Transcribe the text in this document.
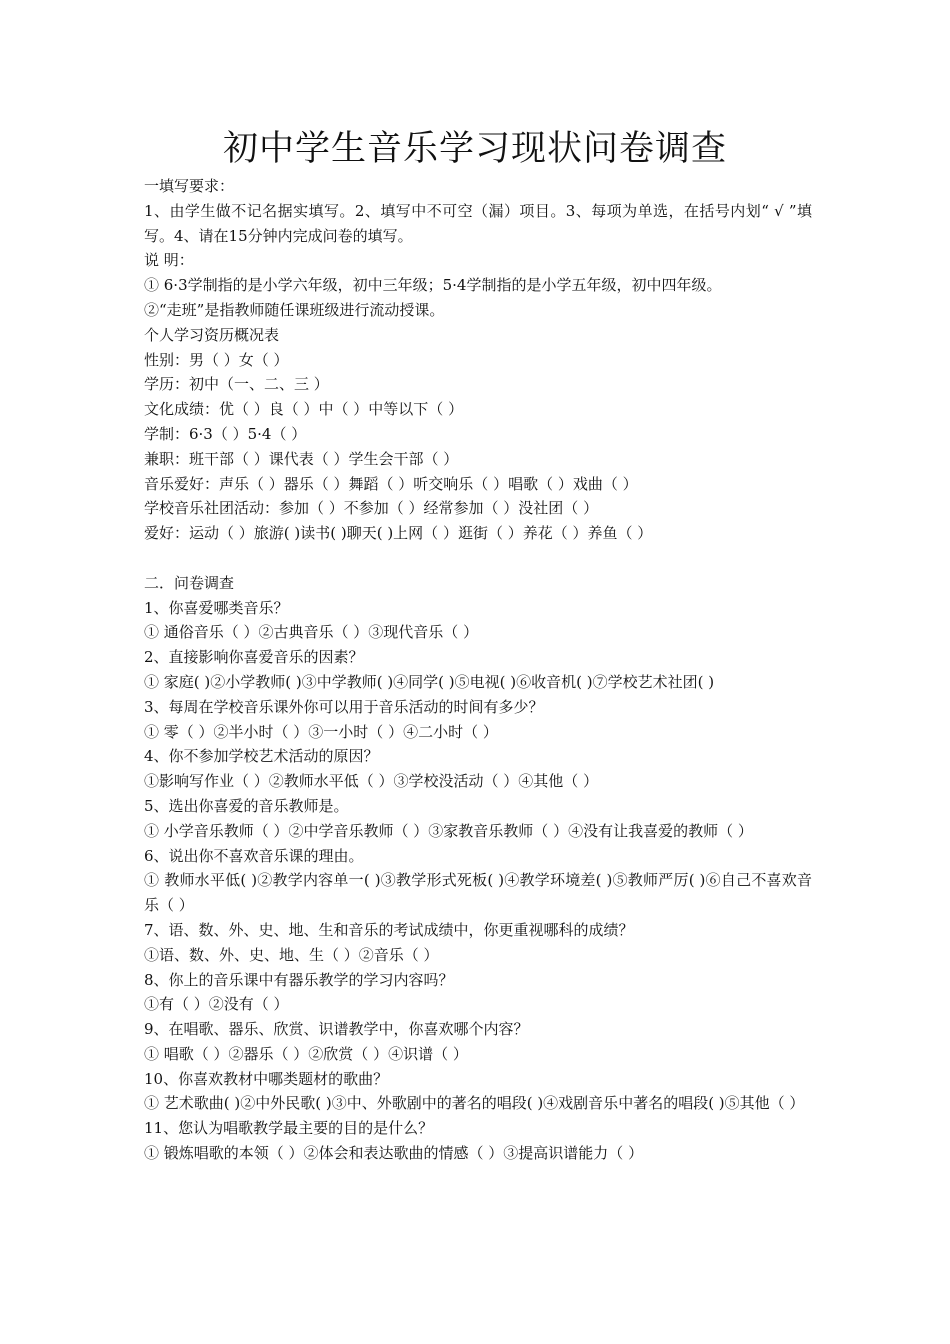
初中学生音乐学习现状问卷调查
一填写要求：
1、由学生做不记名据实填写。2、填写中不可空（漏）项目。3、每项为单选，在括号内划“ √ ”填写。4、请在15分钟内完成问卷的填写。
说 明：
① 6·3学制指的是小学六年级，初中三年级；5·4学制指的是小学五年级，初中四年级。
②“走班”是指教师随任课班级进行流动授课。
个人学习资历概况表
性别：男（ ）女（ ）
学历：初中（一、二、三 ）
文化成绩：优（ ）良（ ）中（ ）中等以下（ ）
学制：6·3（ ）5·4（ ）
兼职：班干部（ ）课代表（ ）学生会干部（ ）
音乐爱好：声乐（ ）器乐（ ）舞蹈（ ）听交响乐（ ）唱歌（ ）戏曲（ ）
学校音乐社团活动：参加（ ）不参加（ ）经常参加（ ）没社团（ ）
爱好：运动（ ）旅游( )读书( )聊天( )上网（ ）逛街（ ）养花（ ）养鱼（ ）
二．问卷调查
1、你喜爱哪类音乐？
① 通俗音乐（ ）②古典音乐（ ）③现代音乐（ ）
2、直接影响你喜爱音乐的因素？
① 家庭( )②小学教师( )③中学教师( )④同学( )⑤电视( )⑥收音机( )⑦学校艺术社团( )
3、每周在学校音乐课外你可以用于音乐活动的时间有多少？
① 零（ ）②半小时（ ）③一小时（ ）④二小时（ ）
4、你不参加学校艺术活动的原因？
①影响写作业（ ）②教师水平低（ ）③学校没活动（ ）④其他（ ）
5、选出你喜爱的音乐教师是。
① 小学音乐教师（ ）②中学音乐教师（ ）③家教音乐教师（ ）④没有让我喜爱的教师（ ）
6、说出你不喜欢音乐课的理由。
① 教师水平低( )②教学内容单一( )③教学形式死板( )④教学环境差( )⑤教师严厉( )⑥自己不喜欢音乐（ ）
7、语、数、外、史、地、生和音乐的考试成绩中，你更重视哪科的成绩？
①语、数、外、史、地、生（ ）②音乐（ ）
8、你上的音乐课中有器乐教学的学习内容吗？
①有（ ）②没有（ ）
9、在唱歌、器乐、欣赏、识谱教学中，你喜欢哪个内容？
① 唱歌（ ）②器乐（ ）②欣赏（ ）④识谱（ ）
10、你喜欢教材中哪类题材的歌曲？
① 艺术歌曲( )②中外民歌( )③中、外歌剧中的著名的唱段( )④戏剧音乐中著名的唱段( )⑤其他（ ）
11、您认为唱歌教学最主要的目的是什么？
① 锻炼唱歌的本领（ ）②体会和表达歌曲的情感（ ）③提高识谱能力（ ）
